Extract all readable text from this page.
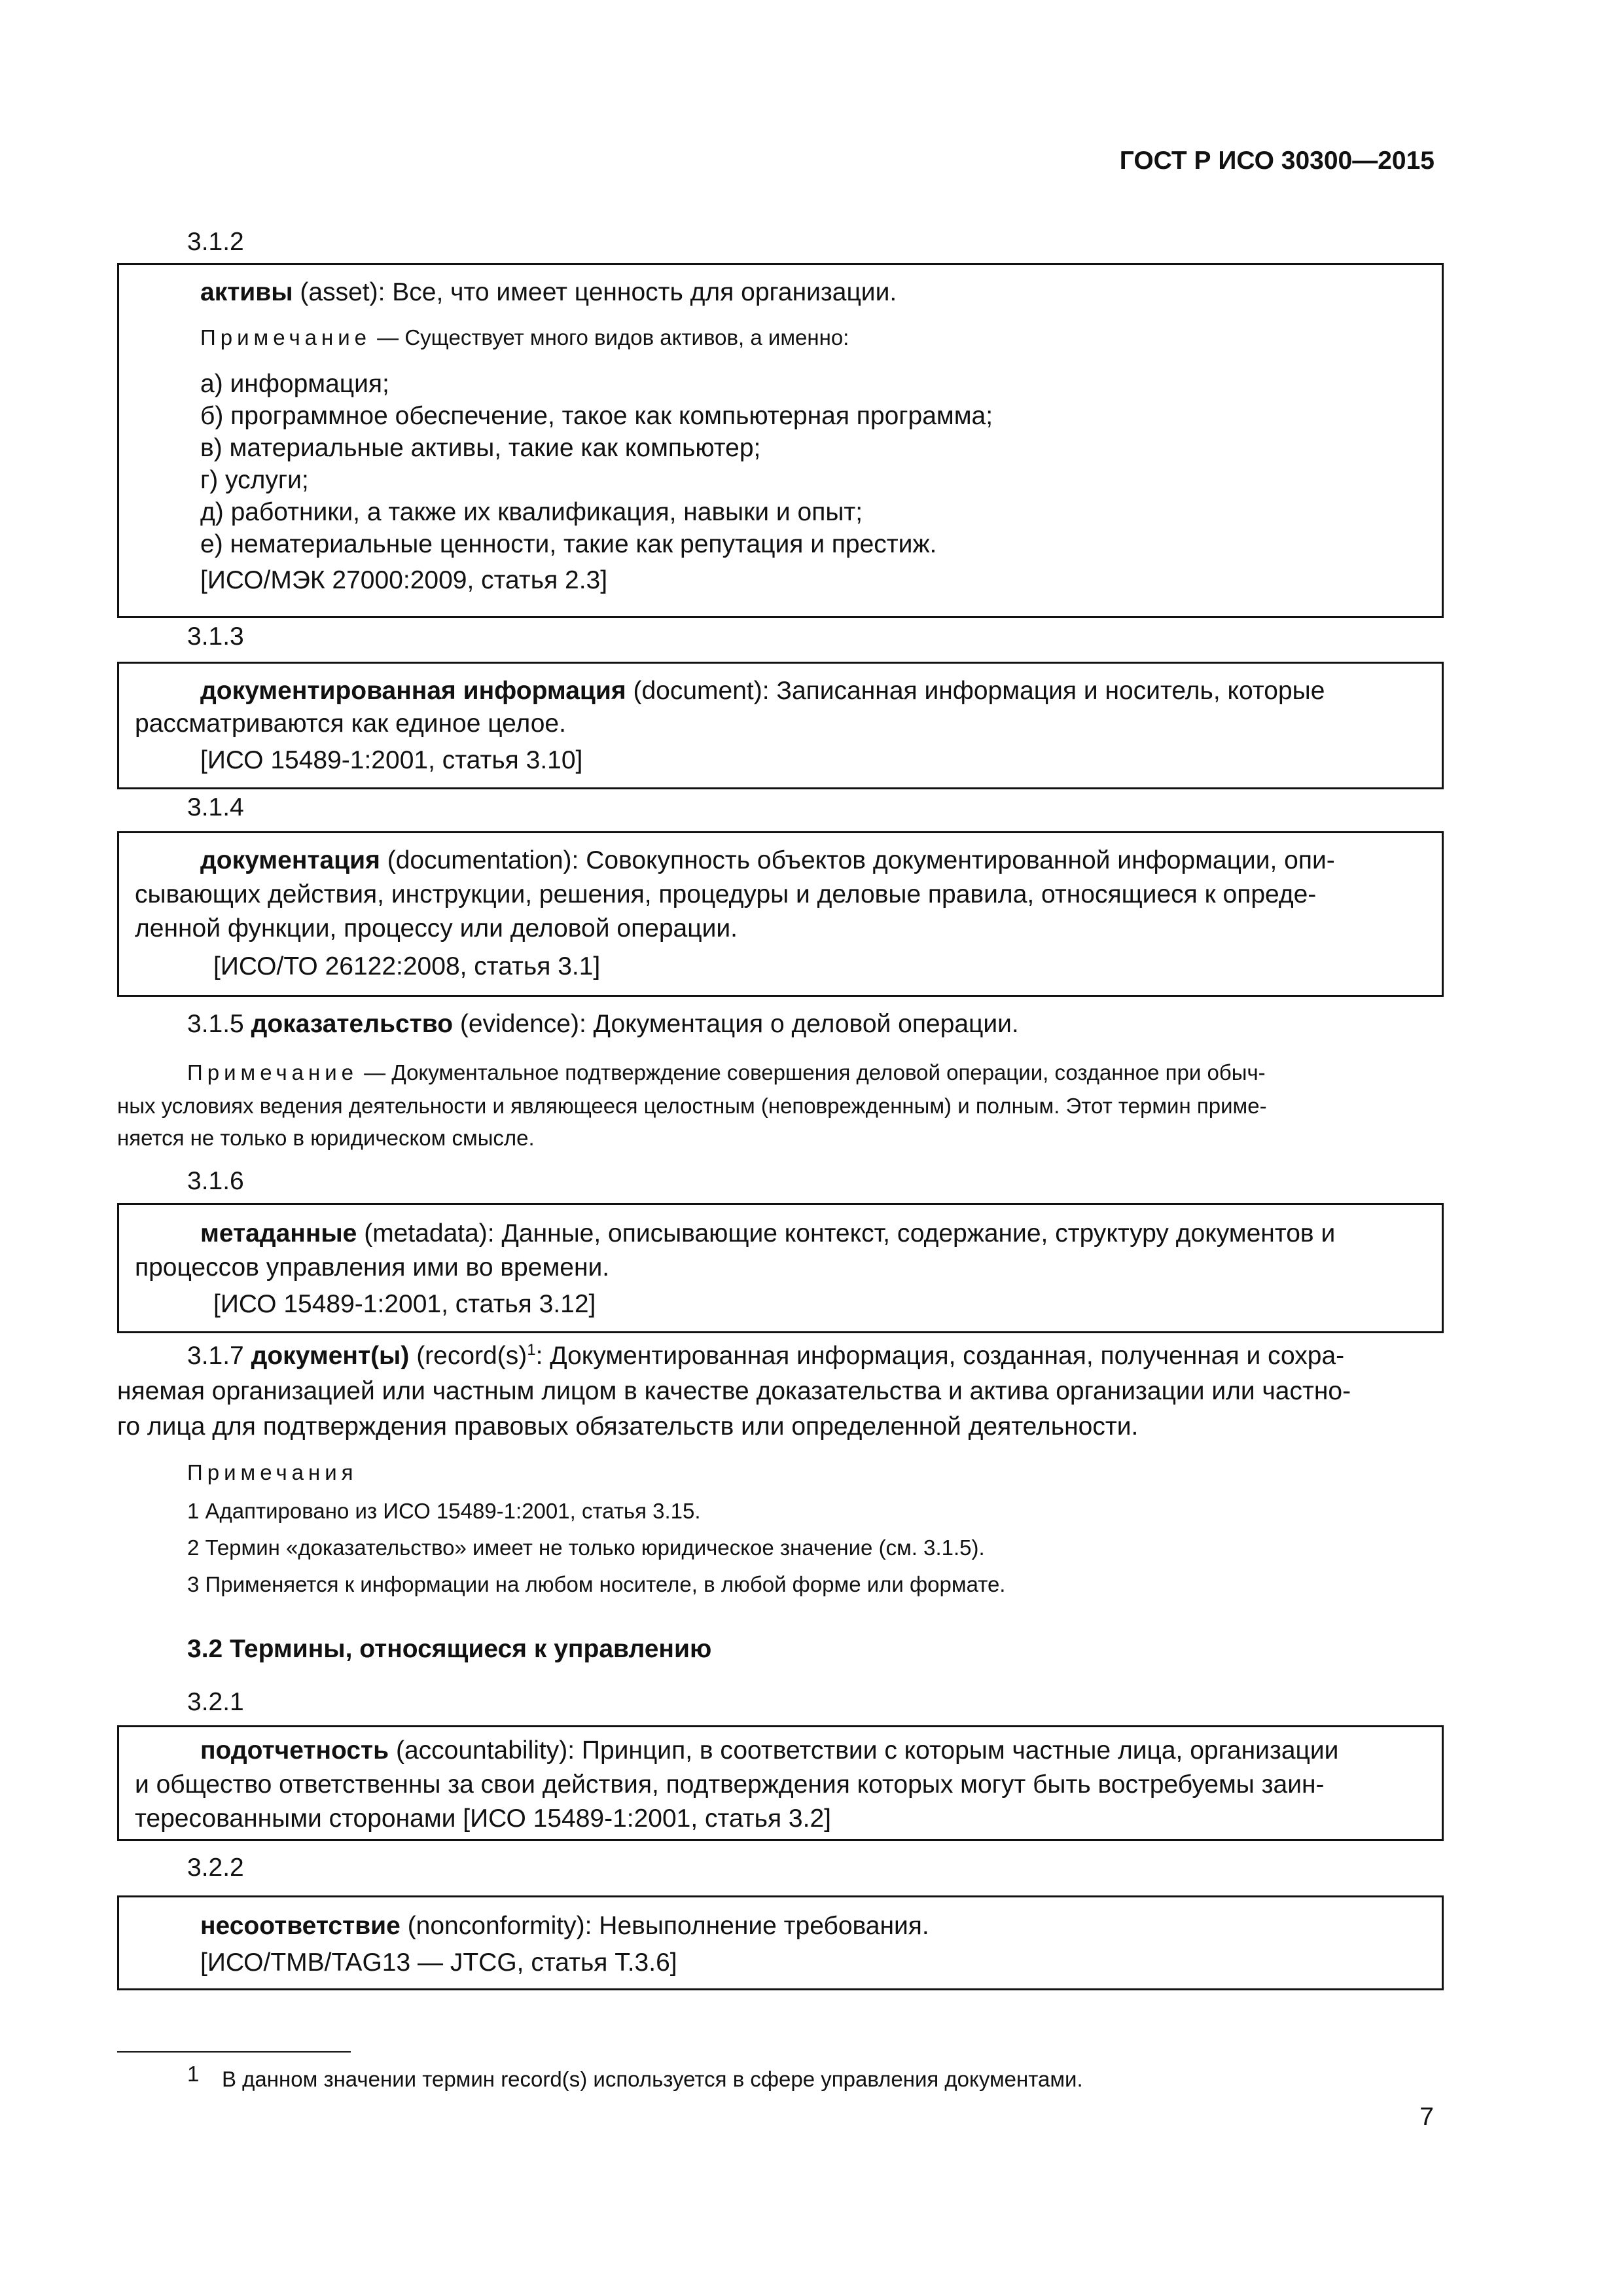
ГОСТ Р ИСО 30300—2015
3.1.2
активы (asset): Все, что имеет ценность для организации.
Примечание — Существует много видов активов, а именно:
а) информация;
б) программное обеспечение, такое как компьютерная программа;
в) материальные активы, такие как компьютер;
г) услуги;
д) работники, а также их квалификация, навыки и опыт;
е) нематериальные ценности, такие как репутация и престиж.
[ИСО/МЭК 27000:2009, статья 2.3]
3.1.3
документированная информация (document): Записанная информация и носитель, которые
рассматриваются как единое целое.
[ИСО 15489-1:2001, статья 3.10]
3.1.4
документация (documentation): Совокупность объектов документированной информации, опи-
сывающих действия, инструкции, решения, процедуры и деловые правила, относящиеся к опреде-
ленной функции, процессу или деловой операции.
[ИСО/ТО 26122:2008, статья 3.1]
3.1.5 доказательство (evidence): Документация о деловой операции.
Примечание — Документальное подтверждение совершения деловой операции, созданное при обыч-
ных условиях ведения деятельности и являющееся целостным (неповрежденным) и полным. Этот термин приме-
няется не только в юридическом смысле.
3.1.6
метаданные (metadata): Данные, описывающие контекст, содержание, структуру документов и
процессов управления ими во времени.
[ИСО 15489-1:2001, статья 3.12]
3.1.7 документ(ы) ($record(s)^1$: Документированная информация, созданная, полученная и сохра-
няемая организацией или частным лицом в качестве доказательства и актива организации или частно-
го лица для подтверждения правовых обязательств или определенной деятельности.
Примечания
1 Адаптировано из ИСО 15489-1:2001, статья 3.15.
2 Термин «доказательство» имеет не только юридическое значение (см. 3.1.5).
3 Применяется к информации на любом носителе, в любой форме или формате.
3.2 Термины, относящиеся к управлению
3.2.1
подотчетность (accountability): Принцип, в соответствии с которым частные лица, организации
и общество ответственны за свои действия, подтверждения которых могут быть востребуемы заин-
тересованными сторонами [ИСО 15489-1:2001, статья 3.2]
3.2.2
несоответствие (nonconformity): Невыполнение требования.
[ИСО/TMB/TAG13 — JTCG, статья Т.3.6]
1 В данном значении термин record(s) используется в сфере управления документами.
7
